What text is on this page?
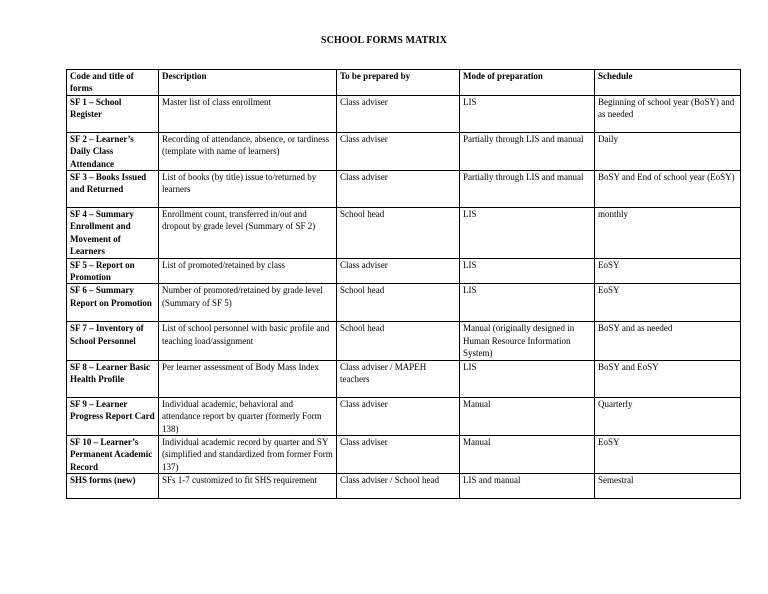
SCHOOL FORMS MATRIX
Code and title of forms	Description	To be prepared by	Mode of preparation	Schedule
SF 1 – School Register	Master list of class enrollment	Class adviser	LIS	Beginning of school year (BoSY) and as needed
SF 2 – Learner’s Daily Class Attendance	Recording of attendance, absence, or tardiness (template with name of learners)	Class adviser	Partially through LIS and manual	Daily
SF 3 – Books Issued and Returned	List of books (by title) issue to/returned by learners	Class adviser	Partially through LIS and manual	BoSY and End of school year (EoSY)
SF 4 – Summary Enrollment and Movement of Learners	Enrollment count, transferred in/out and dropout by grade level (Summary of SF 2)	School head	LIS	monthly
SF 5 – Report on Promotion	List of promoted/retained by class	Class adviser	LIS	EoSY
SF 6 – Summary Report on Promotion	Number of promoted/retained by grade level (Summary of SF 5)	School head	LIS	EoSY
SF 7 – Inventory of School Personnel	List of school personnel with basic profile and teaching load/assignment	School head	Manual (originally designed in Human Resource Information System)	BoSY and as needed
SF 8 – Learner Basic Health Profile	Per learner assessment of Body Mass Index	Class adviser / MAPEH teachers	LIS	BoSY and EoSY
SF 9 – Learner Progress Report Card	Individual academic, behavioral and attendance report by quarter (formerly Form 138)	Class adviser	Manual	Quarterly
SF 10 – Learner’s Permanent Academic Record	Individual academic record by quarter and SY (simplified and standardized from former Form 137)	Class adviser	Manual	EoSY
SHS forms (new)	SFs 1-7 customized to fit SHS requirement	Class adviser / School head	LIS and manual	Semestral
